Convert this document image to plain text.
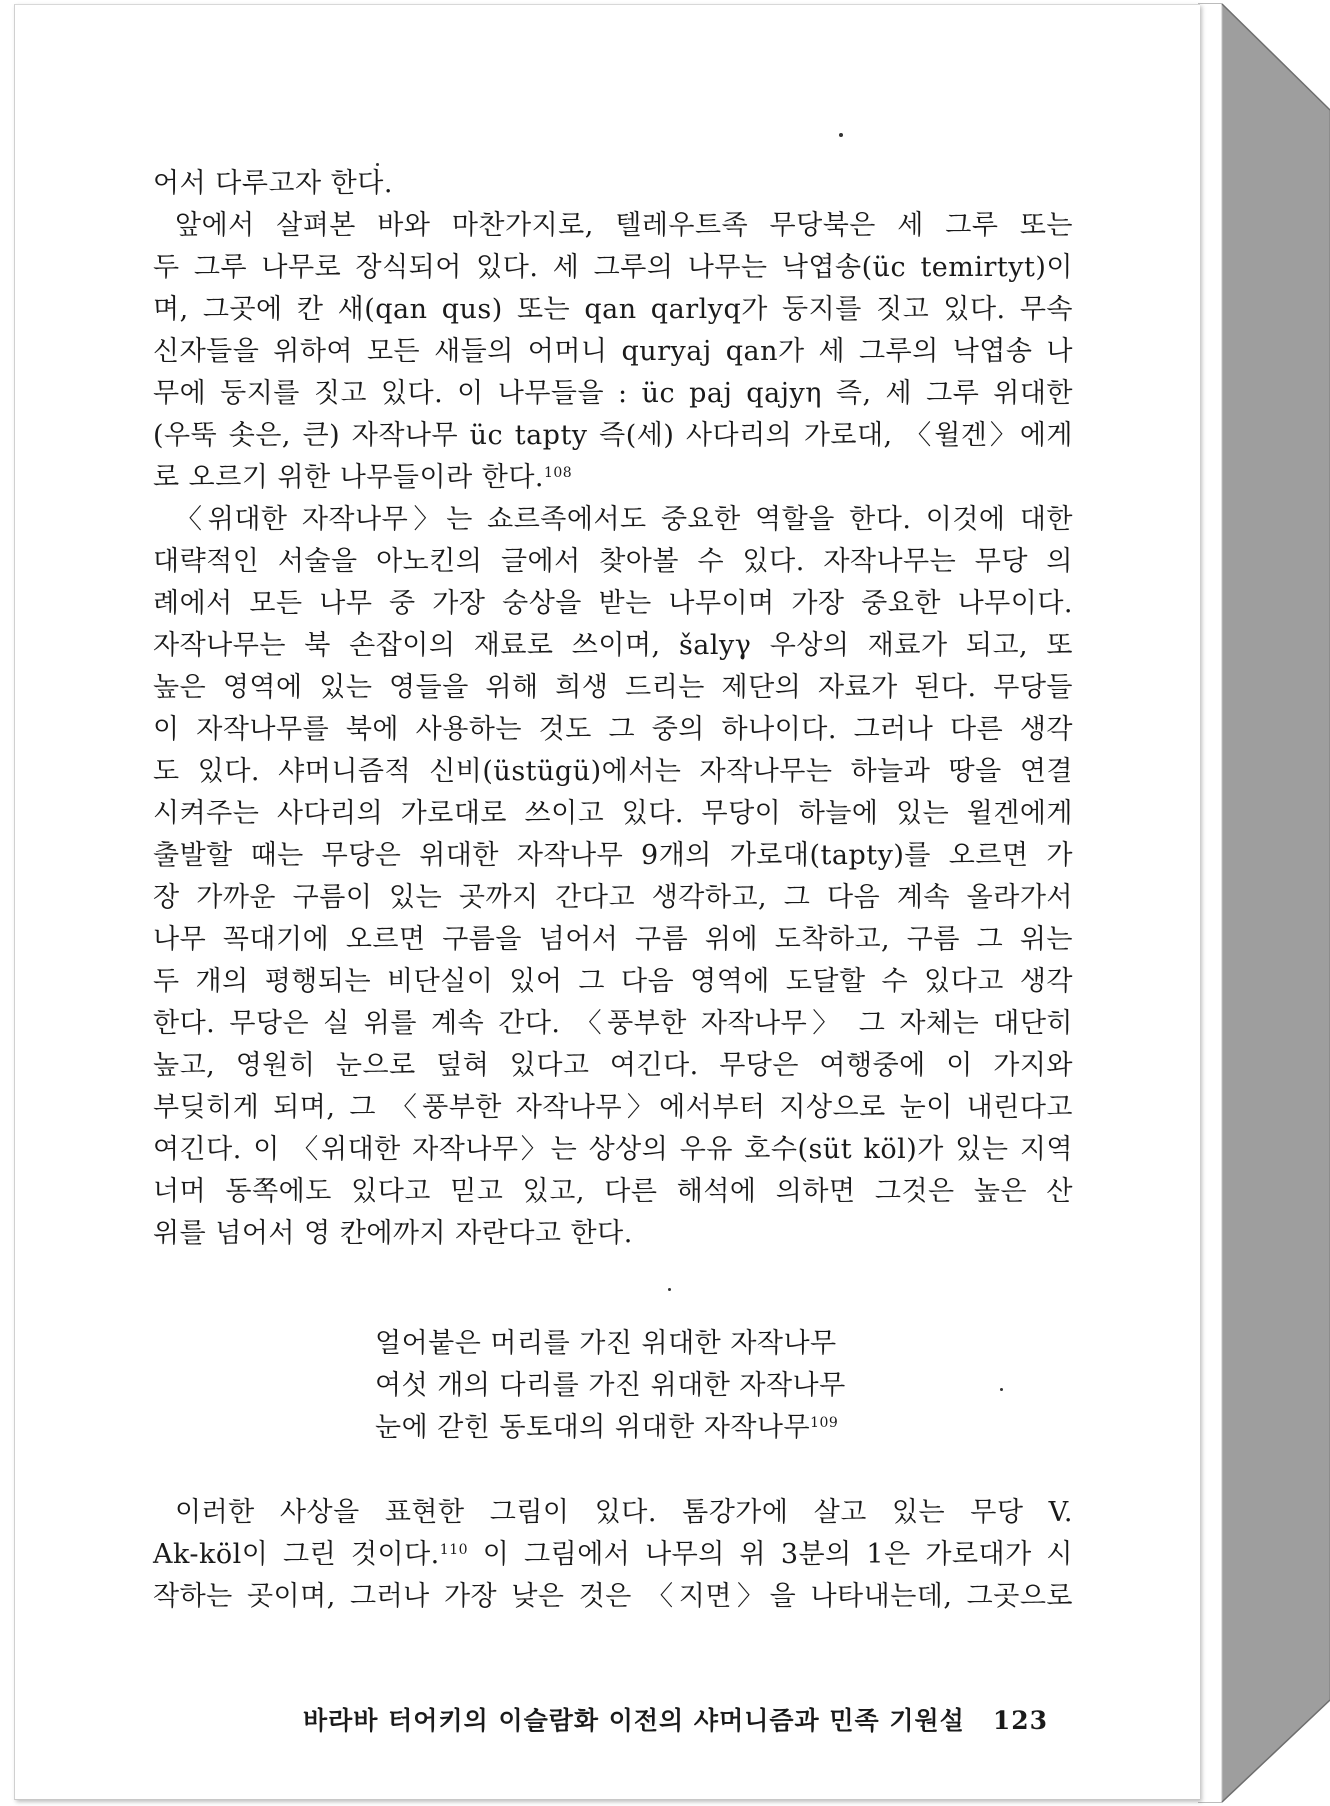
어서 다루고자 한다.
앞에서 살펴본 바와 마찬가지로, 텔레우트족 무당북은 세 그루 또는
두 그루 나무로 장식되어 있다. 세 그루의 나무는 낙엽송(üc temirtyt)이
며, 그곳에 칸 새(qan qus) 또는 qan qarlyq가 둥지를 짓고 있다. 무속
신자들을 위하여 모든 새들의 어머니 quryaj qan가 세 그루의 낙엽송 나
무에 둥지를 짓고 있다. 이 나무들을 : üc paj qajyη 즉, 세 그루 위대한
(우뚝 솟은, 큰) 자작나무 üc tapty 즉(세) 사다리의 가로대, 〈윌겐〉에게
로 오르기 위한 나무들이라 한다.$^{108}$
〈위대한 자작나무〉는 쇼르족에서도 중요한 역할을 한다. 이것에 대한
대략적인 서술을 아노킨의 글에서 찾아볼 수 있다. 자작나무는 무당 의
례에서 모든 나무 중 가장 숭상을 받는 나무이며 가장 중요한 나무이다.
자작나무는 북 손잡이의 재료로 쓰이며, šalyγ 우상의 재료가 되고, 또
높은 영역에 있는 영들을 위해 희생 드리는 제단의 자료가 된다. 무당들
이 자작나무를 북에 사용하는 것도 그 중의 하나이다. 그러나 다른 생각
도 있다. 샤머니즘적 신비(üstügü)에서는 자작나무는 하늘과 땅을 연결
시켜주는 사다리의 가로대로 쓰이고 있다. 무당이 하늘에 있는 윌겐에게
출발할 때는 무당은 위대한 자작나무 9개의 가로대(tapty)를 오르면 가
장 가까운 구름이 있는 곳까지 간다고 생각하고, 그 다음 계속 올라가서
나무 꼭대기에 오르면 구름을 넘어서 구름 위에 도착하고, 구름 그 위는
두 개의 평행되는 비단실이 있어 그 다음 영역에 도달할 수 있다고 생각
한다. 무당은 실 위를 계속 간다. 〈풍부한 자작나무〉 그 자체는 대단히
높고, 영원히 눈으로 덮혀 있다고 여긴다. 무당은 여행중에 이 가지와
부딪히게 되며, 그 〈풍부한 자작나무〉에서부터 지상으로 눈이 내린다고
여긴다. 이 〈위대한 자작나무〉는 상상의 우유 호수(süt köl)가 있는 지역
너머 동쪽에도 있다고 믿고 있고, 다른 해석에 의하면 그것은 높은 산
위를 넘어서 영 칸에까지 자란다고 한다.
얼어붙은 머리를 가진 위대한 자작나무
여섯 개의 다리를 가진 위대한 자작나무
눈에 갇힌 동토대의 위대한 자작나무$^{109}$
이러한 사상을 표현한 그림이 있다. 톰강가에 살고 있는 무당 V.
Ak-köl이 그린 것이다.$^{110}$ 이 그림에서 나무의 위 3분의 1은 가로대가 시
작하는 곳이며, 그러나 가장 낮은 것은 〈지면〉을 나타내는데, 그곳으로
바라바 터어키의 이슬람화 이전의 샤머니즘과 민족 기원설 123
